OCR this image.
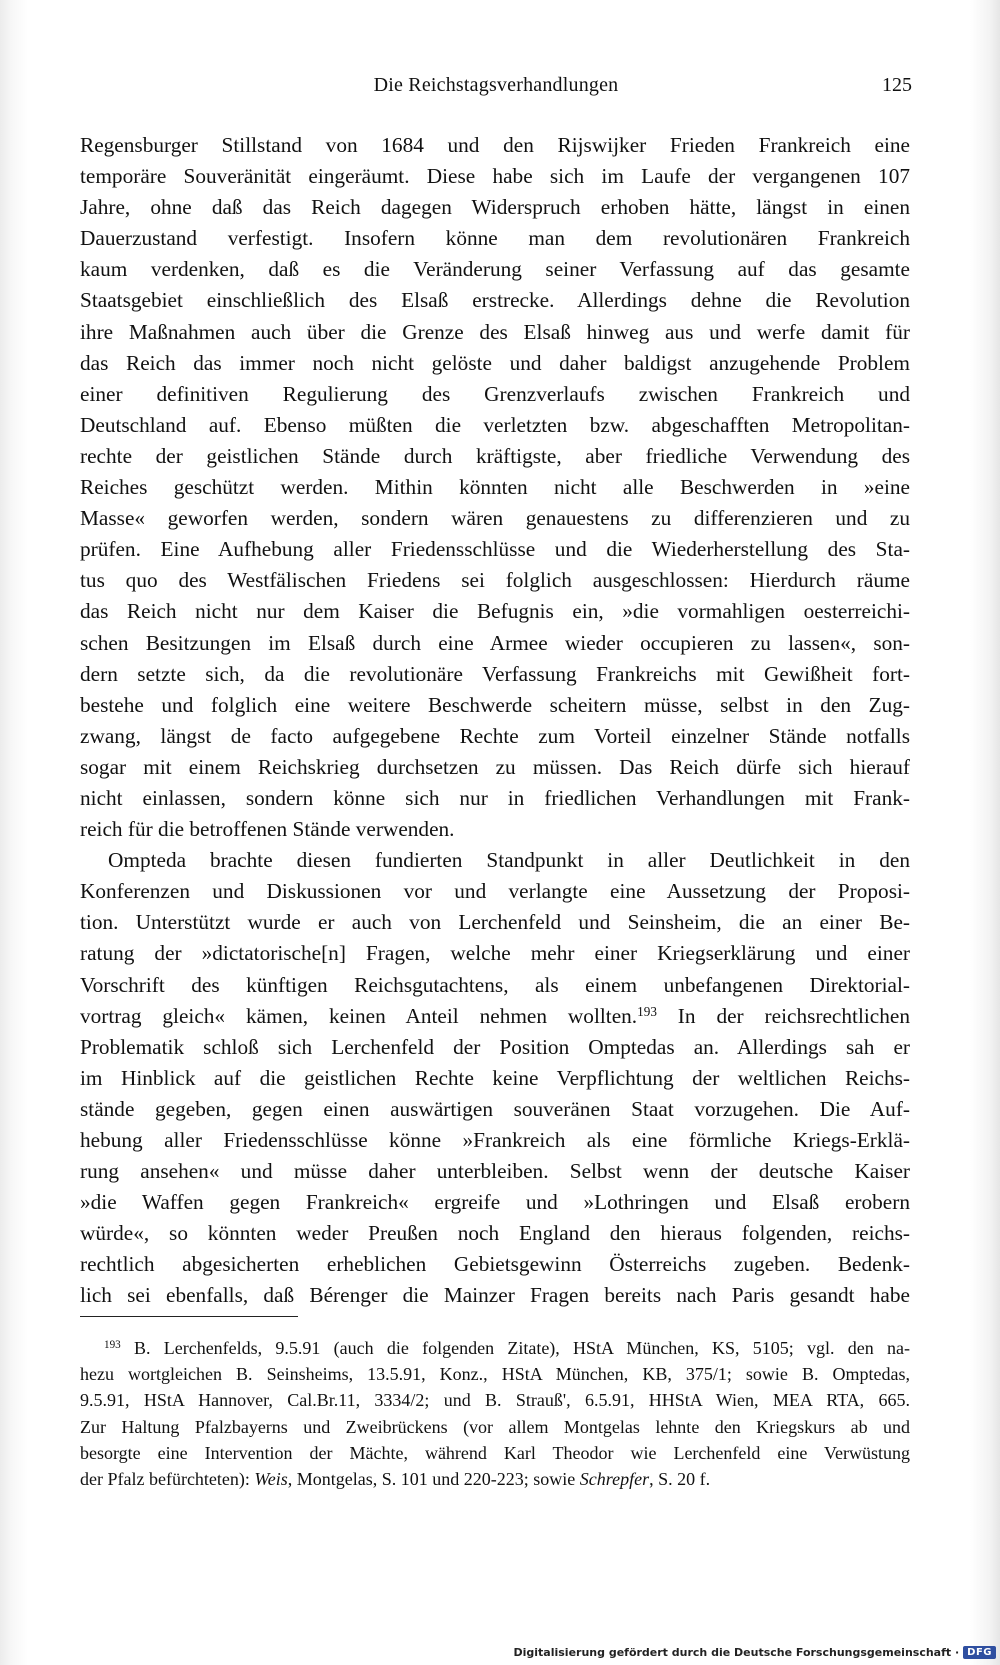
Die Reichstagsverhandlungen	125
Regensburger Stillstand von 1684 und den Rijswijker Frieden Frankreich eine
temporäre Souveränität eingeräumt. Diese habe sich im Laufe der vergangenen 107
Jahre, ohne daß das Reich dagegen Widerspruch erhoben hätte, längst in einen
Dauerzustand verfestigt. Insofern könne man dem revolutionären Frankreich
kaum verdenken, daß es die Veränderung seiner Verfassung auf das gesamte
Staatsgebiet einschließlich des Elsaß erstrecke. Allerdings dehne die Revolution
ihre Maßnahmen auch über die Grenze des Elsaß hinweg aus und werfe damit für
das Reich das immer noch nicht gelöste und daher baldigst anzugehende Problem
einer definitiven Regulierung des Grenzverlaufs zwischen Frankreich und
Deutschland auf. Ebenso müßten die verletzten bzw. abgeschafften Metropolitan-
rechte der geistlichen Stände durch kräftigste, aber friedliche Verwendung des
Reiches geschützt werden. Mithin könnten nicht alle Beschwerden in »eine
Masse« geworfen werden, sondern wären genauestens zu differenzieren und zu
prüfen. Eine Aufhebung aller Friedensschlüsse und die Wiederherstellung des Sta-
tus quo des Westfälischen Friedens sei folglich ausgeschlossen: Hierdurch räume
das Reich nicht nur dem Kaiser die Befugnis ein, »die vormahligen oesterreichi-
schen Besitzungen im Elsaß durch eine Armee wieder occupieren zu lassen«, son-
dern setzte sich, da die revolutionäre Verfassung Frankreichs mit Gewißheit fort-
bestehe und folglich eine weitere Beschwerde scheitern müsse, selbst in den Zug-
zwang, längst de facto aufgegebene Rechte zum Vorteil einzelner Stände notfalls
sogar mit einem Reichskrieg durchsetzen zu müssen. Das Reich dürfe sich hierauf
nicht einlassen, sondern könne sich nur in friedlichen Verhandlungen mit Frank-
reich für die betroffenen Stände verwenden.
Ompteda brachte diesen fundierten Standpunkt in aller Deutlichkeit in den
Konferenzen und Diskussionen vor und verlangte eine Aussetzung der Proposi-
tion. Unterstützt wurde er auch von Lerchenfeld und Seinsheim, die an einer Be-
ratung der »dictatorische[n] Fragen, welche mehr einer Kriegserklärung und einer
Vorschrift des künftigen Reichsgutachtens, als einem unbefangenen Direktorial-
vortrag gleich« kämen, keinen Anteil nehmen wollten.$^{193}$ In der reichsrechtlichen
Problematik schloß sich Lerchenfeld der Position Omptedas an. Allerdings sah er
im Hinblick auf die geistlichen Rechte keine Verpflichtung der weltlichen Reichs-
stände gegeben, gegen einen auswärtigen souveränen Staat vorzugehen. Die Auf-
hebung aller Friedensschlüsse könne »Frankreich als eine förmliche Kriegs-Erklä-
rung ansehen« und müsse daher unterbleiben. Selbst wenn der deutsche Kaiser
»die Waffen gegen Frankreich« ergreife und »Lothringen und Elsaß erobern
würde«, so könnten weder Preußen noch England den hieraus folgenden, reichs-
rechtlich abgesicherten erheblichen Gebietsgewinn Österreichs zugeben. Bedenk-
lich sei ebenfalls, daß Bérenger die Mainzer Fragen bereits nach Paris gesandt habe
$^{193}$ B. Lerchenfelds, 9.5.91 (auch die folgenden Zitate), HStA München, KS, 5105; vgl. den na-
hezu wortgleichen B. Seinsheims, 13.5.91, Konz., HStA München, KB, 375/1; sowie B. Omptedas,
9.5.91, HStA Hannover, Cal.Br.11, 3334/2; und B. Strauß', 6.5.91, HHStA Wien, MEA RTA, 665.
Zur Haltung Pfalzbayerns und Zweibrückens (vor allem Montgelas lehnte den Kriegskurs ab und
besorgte eine Intervention der Mächte, während Karl Theodor wie Lerchenfeld eine Verwüstung
der Pfalz befürchteten): Weis, Montgelas, S. 101 und 220-223; sowie Schrepfer, S. 20 f.
Digitalisierung gefördert durch die Deutsche Forschungsgemeinschaft · DFG
